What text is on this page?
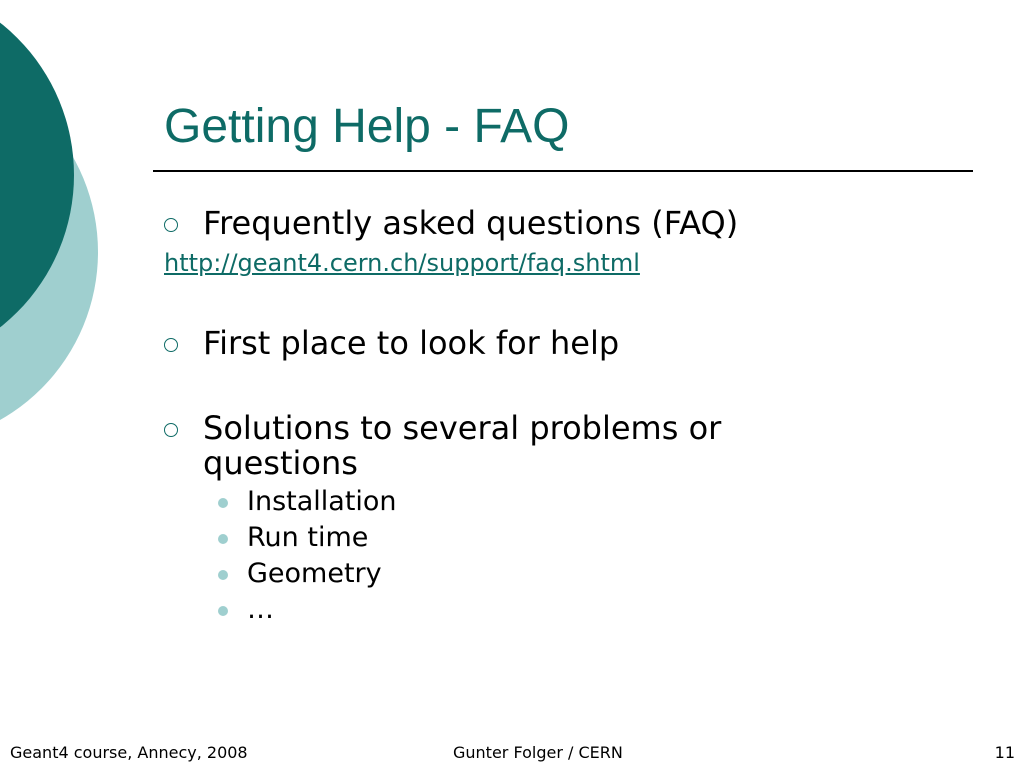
Getting Help - FAQ
Frequently asked questions (FAQ)
http://geant4.cern.ch/support/faq.shtml
First place to look for help
Solutions to several problems or
questions
Installation
Run time
Geometry
…
Geant4 course, Annecy, 2008	Gunter Folger / CERN	11
